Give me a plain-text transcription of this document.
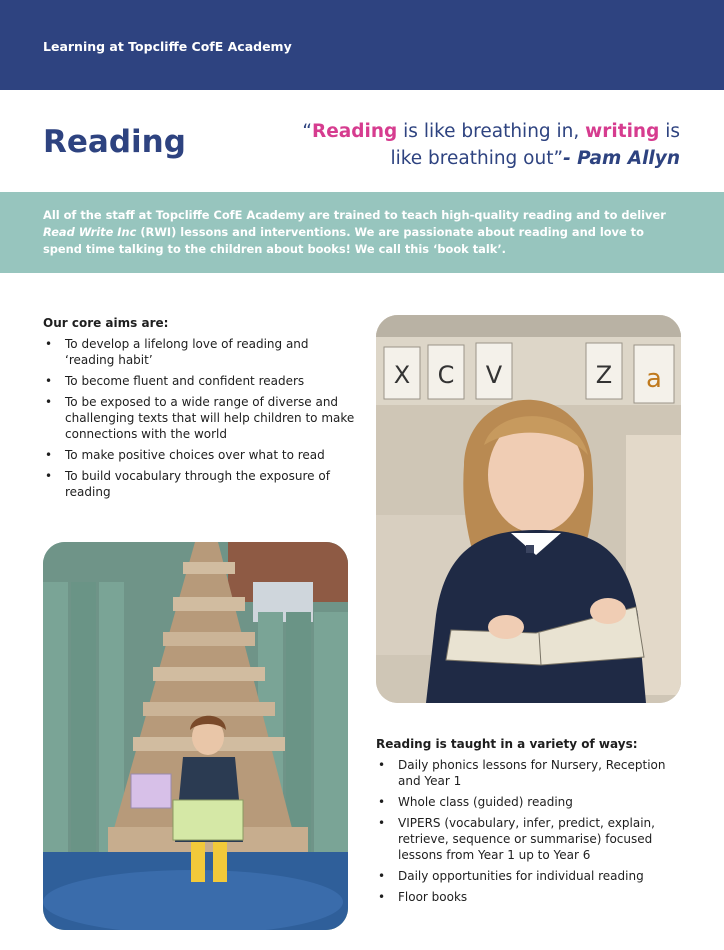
Learning at Topcliffe CofE Academy
Reading	“Reading is like breathing in, writing is like breathing out”- Pam Allyn
All of the staff at Topcliffe CofE Academy are trained to teach high-quality reading and to deliver Read Write Inc (RWI) lessons and interventions. We are passionate about reading and love to spend time talking to the children about books! We call this ‘book talk’.
Our core aims are:
• To develop a lifelong love of reading and ‘reading habit’
• To become fluent and confident readers
• To be exposed to a wide range of diverse and challenging texts that will help children to make connections with the world
• To make positive choices over what to read
• To build vocabulary through the exposure of reading
X C V	Z a
Reading is taught in a variety of ways:
• Daily phonics lessons for Nursery, Reception and Year 1
• Whole class (guided) reading
• VIPERS (vocabulary, infer, predict, explain, retrieve, sequence or summarise) focused lessons from Year 1 up to Year 6
• Daily opportunities for individual reading
• Floor books
